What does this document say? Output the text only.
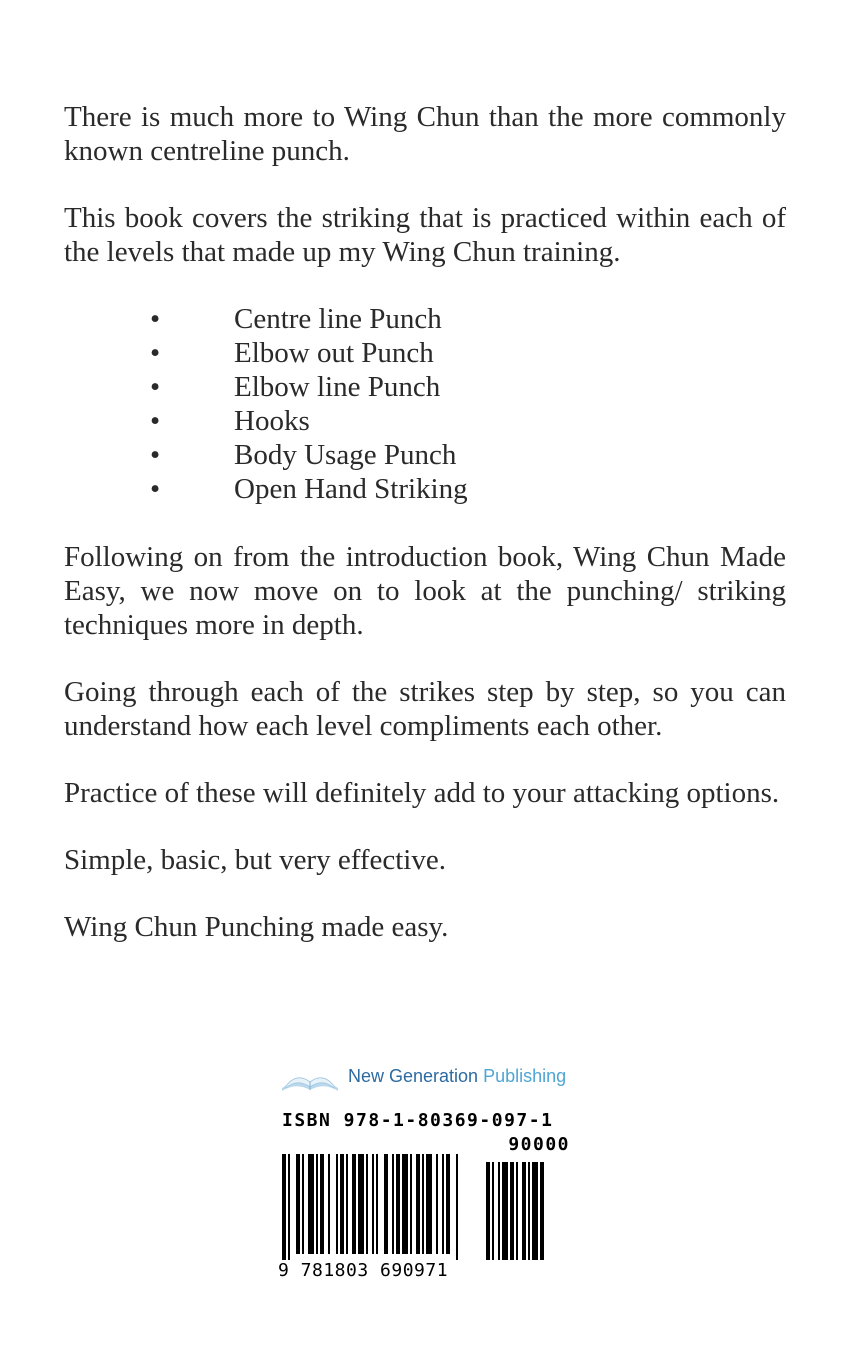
There is much more to Wing Chun than the more commonly known centreline punch.

This book covers the striking that is practiced within each of the levels that made up my Wing Chun training.

•	Centre line Punch
•	Elbow out Punch
•	Elbow line Punch
•	Hooks
•	Body Usage Punch
•	Open Hand Striking

Following on from the introduction book, Wing Chun Made Easy, we now move on to look at the punching/ striking techniques more in depth.

Going through each of the strikes step by step, so you can understand how each level compliments each other.

Practice of these will definitely add to your attacking options.

Simple, basic, but very effective.

Wing Chun Punching made easy.

New Generation Publishing
ISBN 978-1-80369-097-1
90000
9 781803 690971
